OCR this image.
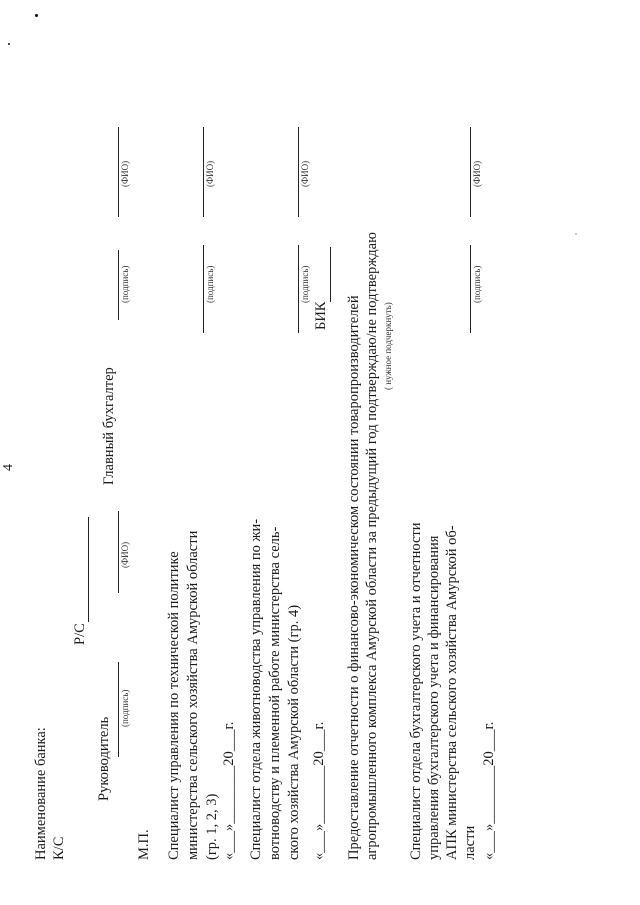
4
Наименование банка: К/С
Р/С
БИК
Руководитель
(подпись)
(ФИО)
Главный бухгалтер
(подпись)
(ФИО)
М.П. Специалист управления по технической политике министерства сельского хозяйства Амурской области (гр. 1, 2, 3) «___»________20___г.
(подпись)
(ФИО)
Специалист отдела животноводства управления по жи- вотноводству и племенной работе министерства сель- ского хозяйства Амурской области (гр. 4) «___»________20___г.
(подпись)
(ФИО)
Предоставление отчетности о финансово-экономическом состоянии товаропроизводителей агропромышленного комплекса Амурской области за предыдущий год подтверждаю/не подтверждаю ( нужное подчеркнуть)
Специалист отдела бухгалтерского учета и отчетности управления бухгалтерского учета и финансирования АПК министерства сельского хозяйства Амурской об- ласти «___»________20___г.
(подпись)
(ФИО)
